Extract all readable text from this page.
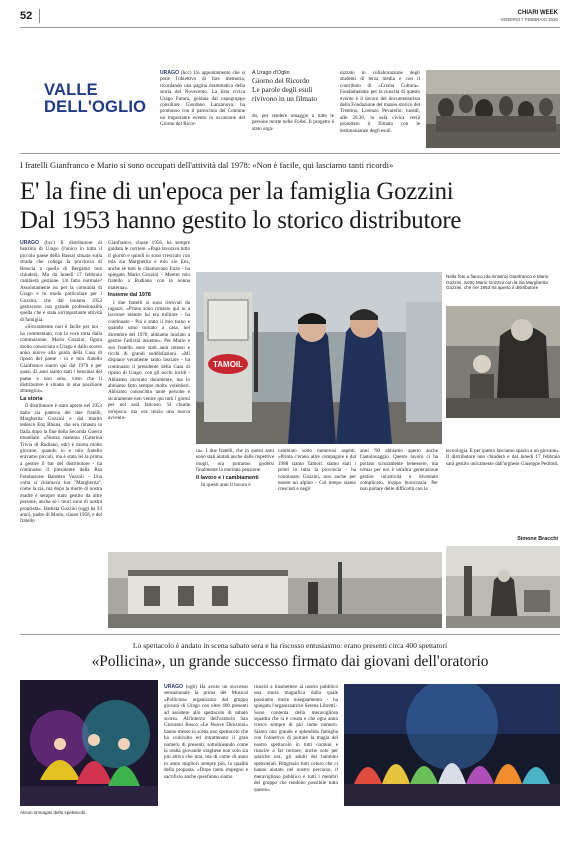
52	CHIARI WEEK
VENERDÌ 7 FEBBRAIO 2020
VALLE
DELL'OGLIO

URAGO (bcc) Un appuntamento che si pone l'obiettivo di fare memoria, ricordando una pagina drammatica della storia del Novecento. La lista civica Urago Futura, guidata dal capogruppo consiliare Giordano Lanzanova, ha promosso con il patrocinio del Comune un importante evento in occasione del Giorno del Ricor-

A Urago d'Oglio
Giorno del Ricordo
Le parole degli esuli
rivivono in un filmato

do, per rendere omaggio a tutte le persone morte nelle Foibe. Il progetto è stato orga-

nizzato in collaborazione degli studenti di terza media e con il contributo di «Crema Cultura». Fondamentale per la riuscita di questo evento è il lavoro del documentarista della Fondazione del museo storico del Trentino, Lorenzo Pevarello: lunedì, alle 20.30, in sala civica verrà proiettato il filmato con le testimonianze degli esuli.

I fratelli Gianfranco e Mario si sono occupati dell'attività dal 1978: «Non è facile, qui lasciamo tanti ricordi»
E' la fine di un'epoca per la famiglia Gozzini
Dal 1953 hanno gestito lo storico distributore

URAGO (bcc) Il distributore di benzina di Urago (l'unico in tutto il piccolo paese della Bassa) situato sulla strada che collega la provincia di Brescia a quella di Bergamo non chiuderà. Ma da lunedì 17 febbraio cambierà gestione. Un fatto normale? Assolutamente no per la comunità di Urago e in modo particolare per i Gozzini, che dal lontano 1953 gestiscono con grande professionalità quella che è stata un'importante attività di famiglia.

«Sicuramente non è facile per noi - ha commentato, con la voce rotta dalla commozione, Mario Gozzini, figura molto conosciuta a Urago e dallo scorso anno nuovo alla guida della Casa di riposo del paese - io e mio fratello Gianfranco siamo qui dal 1978 e per quasi 42 anni siamo stati i benzinai del paese e non solo, visto che il distributore è situato in una posizione strategica».

La storia

Il distributore è stato aperto nel 1953 dalla zia paterna dei due fratelli, Margherita Gozzini e dal marito tedesco Enz Rhona, che era rimasto in Italia dopo la fine della Seconda Guerra mondiale. «Nostra mamma (Caterina Trivia di Rudiano, ndr) è morta molto giovane, quando io e mio fratello eravamo piccoli, ma è stata lei la prima a gestire il bar del distributore - ha continuato il presidente della Rsa Fondazione Bandera Vezzoli - Una volta si chiamava bar "Margherita", come la zia, ma dopo la morte di nostra madre è sempre stato gestito da altre persone, anche se i muri sono di nostra proprietà». Battista Gozzini (oggi ha 93 anni), padre di Mario, classe 1958, e del fratello

Gianfranco, classe 1956, ha sempre guidato le corriere. «Papà lavorava tutto il giorno e quindi io sono cresciuto con mia zia Margherita e mio zio Enz, anche se tutti lo chiamavano Enzo - ha spiegato Mario Gozzini - Mentre mio fratello a Rudiano con la nonna materna».

Insieme dal 1978

I due fratelli si sono ritrovati da ragazzi. «Prima sono rimasto qui io a lavorare mentre lui era militare - ha continuato - Poi è stato il mio turno e quando sono tornato a casa, nel dicembre del 1978, abbiamo iniziato a gestire l'attività insieme». Per Mario e suo fratello sono stati anni intensi e ricchi di grandi soddisfazioni. «Mi dispiace veramente tanto lasciare - ha continuato il presidente della Casa di riposo di Urago, con gli occhi lucidi - Abbiamo lavorato duramente, ma lo abbiamo fatto sempre molto volentieri. Abbiamo conosciuto tante persone e sicuramente non venire qui tutti i giorni per noi sarà faticoso. Si chiude un'epoca, ma ora inizia una nuova avventu-

TAMOIL
Nella foto a fianco (da sinistra) Gianfranco e Mario Gozzini. Sotto Mario Gozzini con la zia Margherita Gozzini, che nel 1953 ha aperto il distributore

ra». I due fratelli, che in questi anni sono stati aiutati anche dalle rispettive mogli, ora potranno godersi finalmente la meritata pensione.

Il lavoro e i cambiamenti

In questi anni il lavoro è

cambiato sotto numerosi aspetti. «Prima c'erano altre compagnie e dal 1988 siamo Tamoil: siamo stati i primi in tutta la provincia - ha continuato Gozzini, non anche per essere un alpino - Col tempo siamo cresciuti e negli

anni '90 abbiamo aperto anche l'autolavaggio. Questo lavoro ci ha portato sicuramente benessere, ma ormai per noi è un'altra generazione gestire un'attività è diventato complicato, troppa burocrazia. Per non parlare delle difficoltà con la

tecnologia. È per questo lasciamo spazio a un giovane». Il distributore non chiuderà e dal lunedì 17 febbraio sarà gestito unicamente dall'urghese Giuseppe Pedrotti.

Simone Bracchi
Lo spettacolo è andato in scena sabato sera e ha riscosso entusiasmo: erano presenti circa 400 spettatori
«Pollicina», un grande successo firmato dai giovani dell'oratorio
Alcuni immagini dello spettacolo

URAGO (ogb) Ha avuto un successo sensazionale la prima del Musical «Pollicina» organizzato dal gruppo giovani di Urago con oltre 400 presenti ad assistere allo spettacolo di sabato scorso. All'interno dell'oratorio San Giovanni Bosco «Le Nuove Direzioni» hanno messo in scena uno spettacolo che ha coinvolto ed intrattenuto il gran numero di presenti, sottolineando come la realtà giovanile uraghese non solo sia più attiva che mai, ma di come di anno in anno migliori sempre più, la qualità della proposta. «Dopo tanto impegno e sacrificio anche quest'anno siamo

riusciti a trasmettere al nostro pubblico una storia magnifica dalla quale possiamo trarre insegnamento - ha spiegato l'organizzatrice Serena Libretti - Sono contenta della meravigliosa squadra che si è creata e che ogni anno cresce sempre di più come numero. Siamo una grande e splendida famiglia con l'obiettivo di portare la magia del nostro spettacolo in tutti comuni e riuscire a far tornare, anche solo per qualche ora, gli adulti dei bambini spensierati. Ringrazio tutti coloro che ci hanno aiutato nel nostro percorso, il meraviglioso pubblico e tutti i membri del gruppo che rendono possibile tutto questo».
